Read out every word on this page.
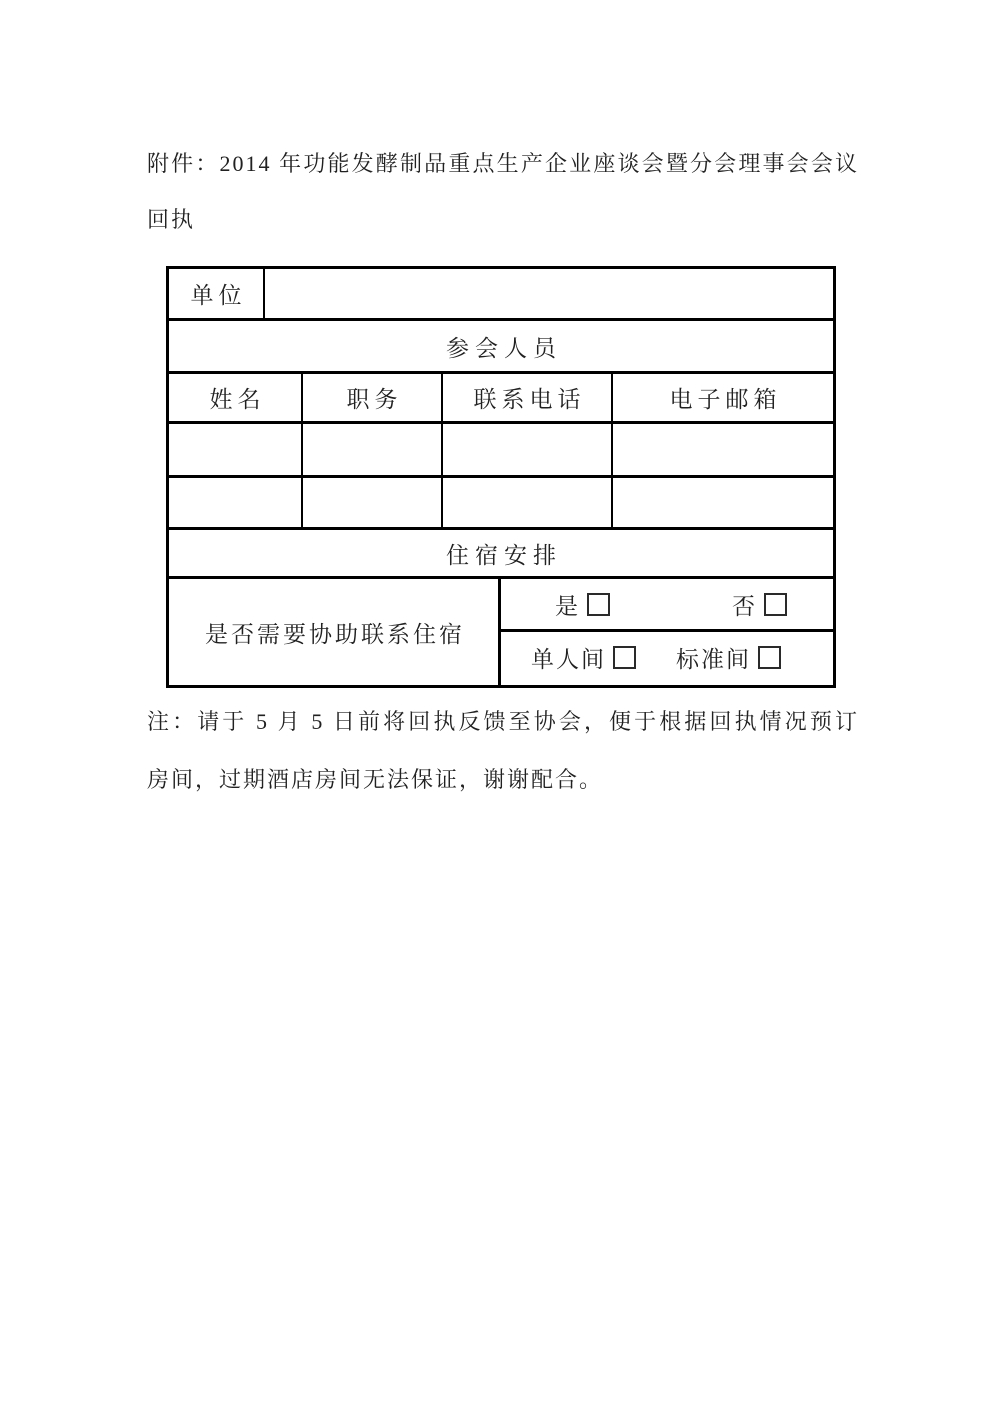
附件：2014 年功能发酵制品重点生产企业座谈会暨分会理事会会议

回执

单位
参会人员
姓名	职务	联系电话	电子邮箱
住宿安排
是否需要协助联系住宿
是	否
单人间	标准间

注：请于 5 月 5 日前将回执反馈至协会，便于根据回执情况预订

房间，过期酒店房间无法保证，谢谢配合。
